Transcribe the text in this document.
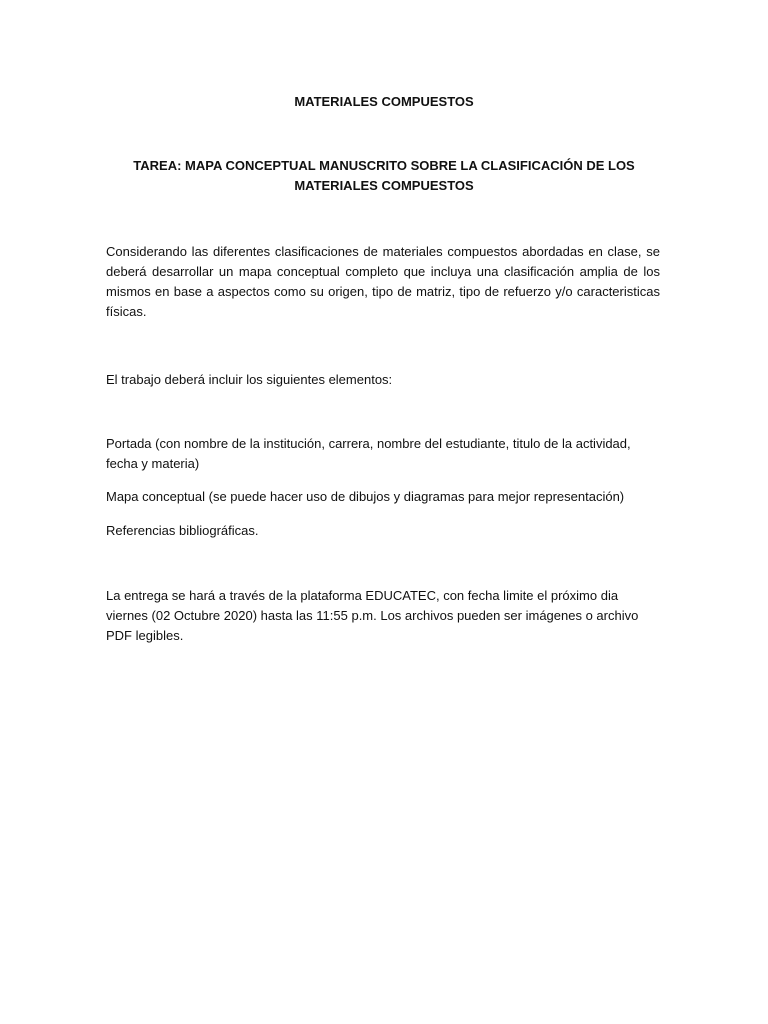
MATERIALES COMPUESTOS
TAREA: MAPA CONCEPTUAL MANUSCRITO SOBRE LA CLASIFICACIÓN DE LOS MATERIALES COMPUESTOS
Considerando las diferentes clasificaciones de materiales compuestos abordadas en clase, se deberá desarrollar un mapa conceptual completo que incluya una clasificación amplia de los mismos en base a aspectos como su origen, tipo de matriz, tipo de refuerzo y/o caracteristicas físicas.
El trabajo deberá incluir los siguientes elementos:
Portada (con nombre de la institución, carrera, nombre del estudiante, titulo de la actividad, fecha y materia)
Mapa conceptual (se puede hacer uso de dibujos y diagramas para mejor representación)
Referencias bibliográficas.
La entrega se hará a través de la plataforma EDUCATEC, con fecha limite el próximo dia viernes (02 Octubre 2020) hasta las 11:55 p.m. Los archivos pueden ser imágenes o archivo PDF legibles.
